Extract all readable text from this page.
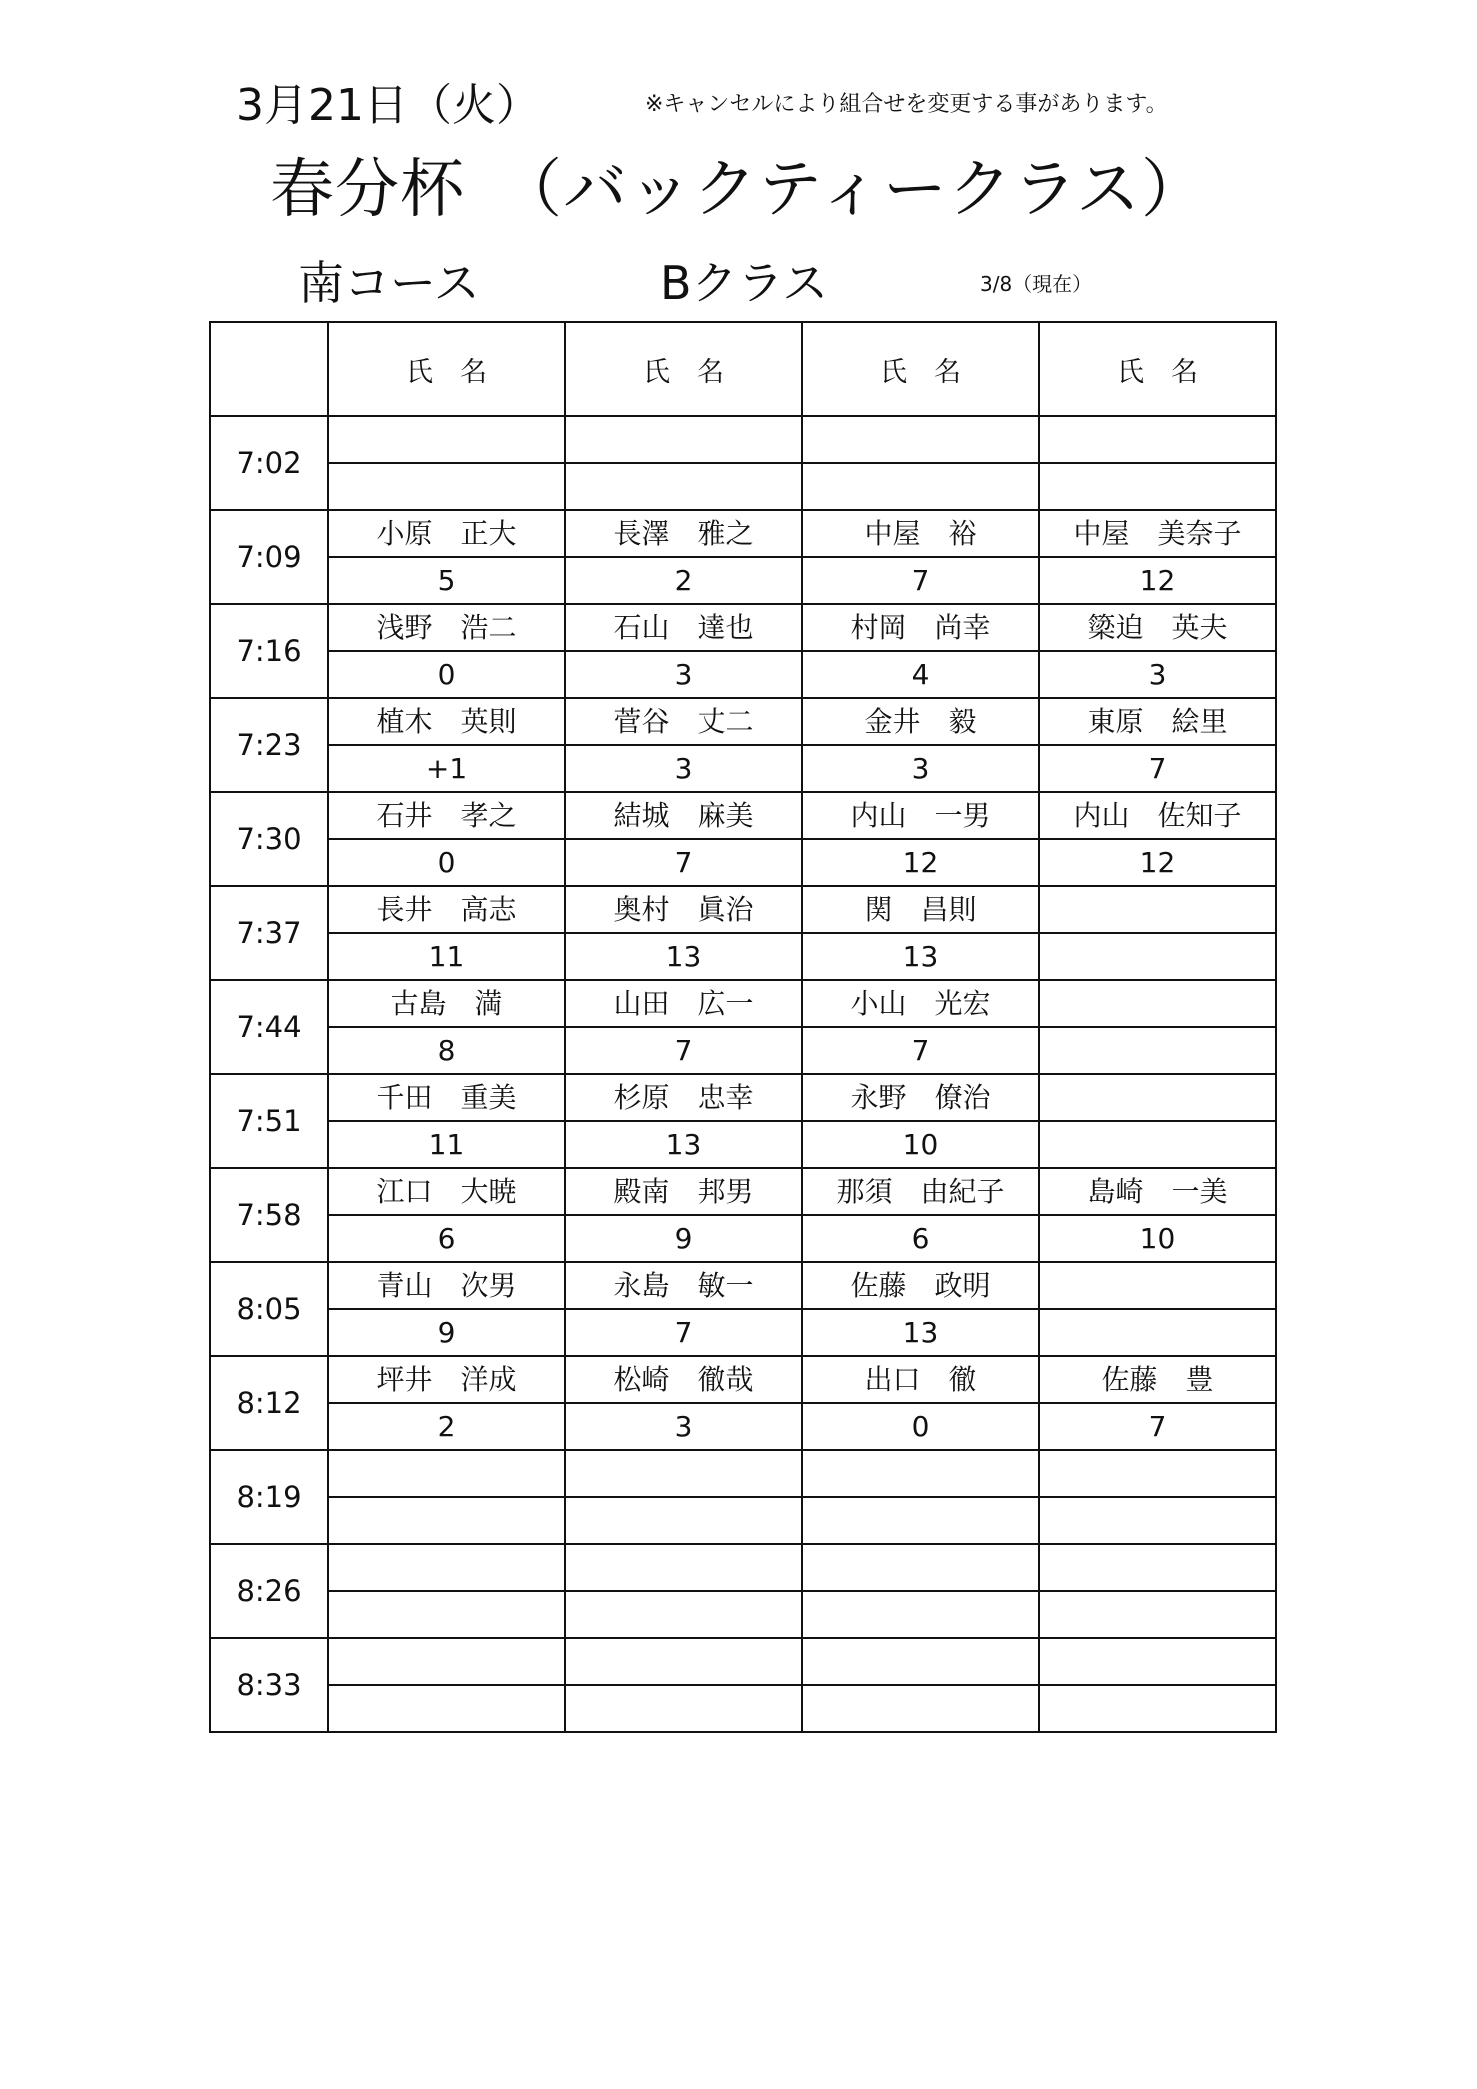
3月21日（火）	※キャンセルにより組合せを変更する事があります。
春分杯　（バックティークラス）
南コース	Bクラス	3/8（現在）
	氏　名	氏　名	氏　名	氏　名
7:02				

7:09	小原　正大	長澤　雅之	中屋　裕	中屋　美奈子
	5	2	7	12
7:16	浅野　浩二	石山　達也	村岡　尚幸	簗迫　英夫
	0	3	4	3
7:23	植木　英則	菅谷　丈二	金井　毅	東原　絵里
	+1	3	3	7
7:30	石井　孝之	結城　麻美	内山　一男	内山　佐知子
	0	7	12	12
7:37	長井　高志	奥村　眞治	関　昌則	
	11	13	13	
7:44	古島　満	山田　広一	小山　光宏	
	8	7	7	
7:51	千田　重美	杉原　忠幸	永野　僚治	
	11	13	10	
7:58	江口　大暁	殿南　邦男	那須　由紀子	島崎　一美
	6	9	6	10
8:05	青山　次男	永島　敏一	佐藤　政明	
	9	7	13	
8:12	坪井　洋成	松崎　徹哉	出口　徹	佐藤　豊
	2	3	0	7
8:19				

8:26				

8:33				
